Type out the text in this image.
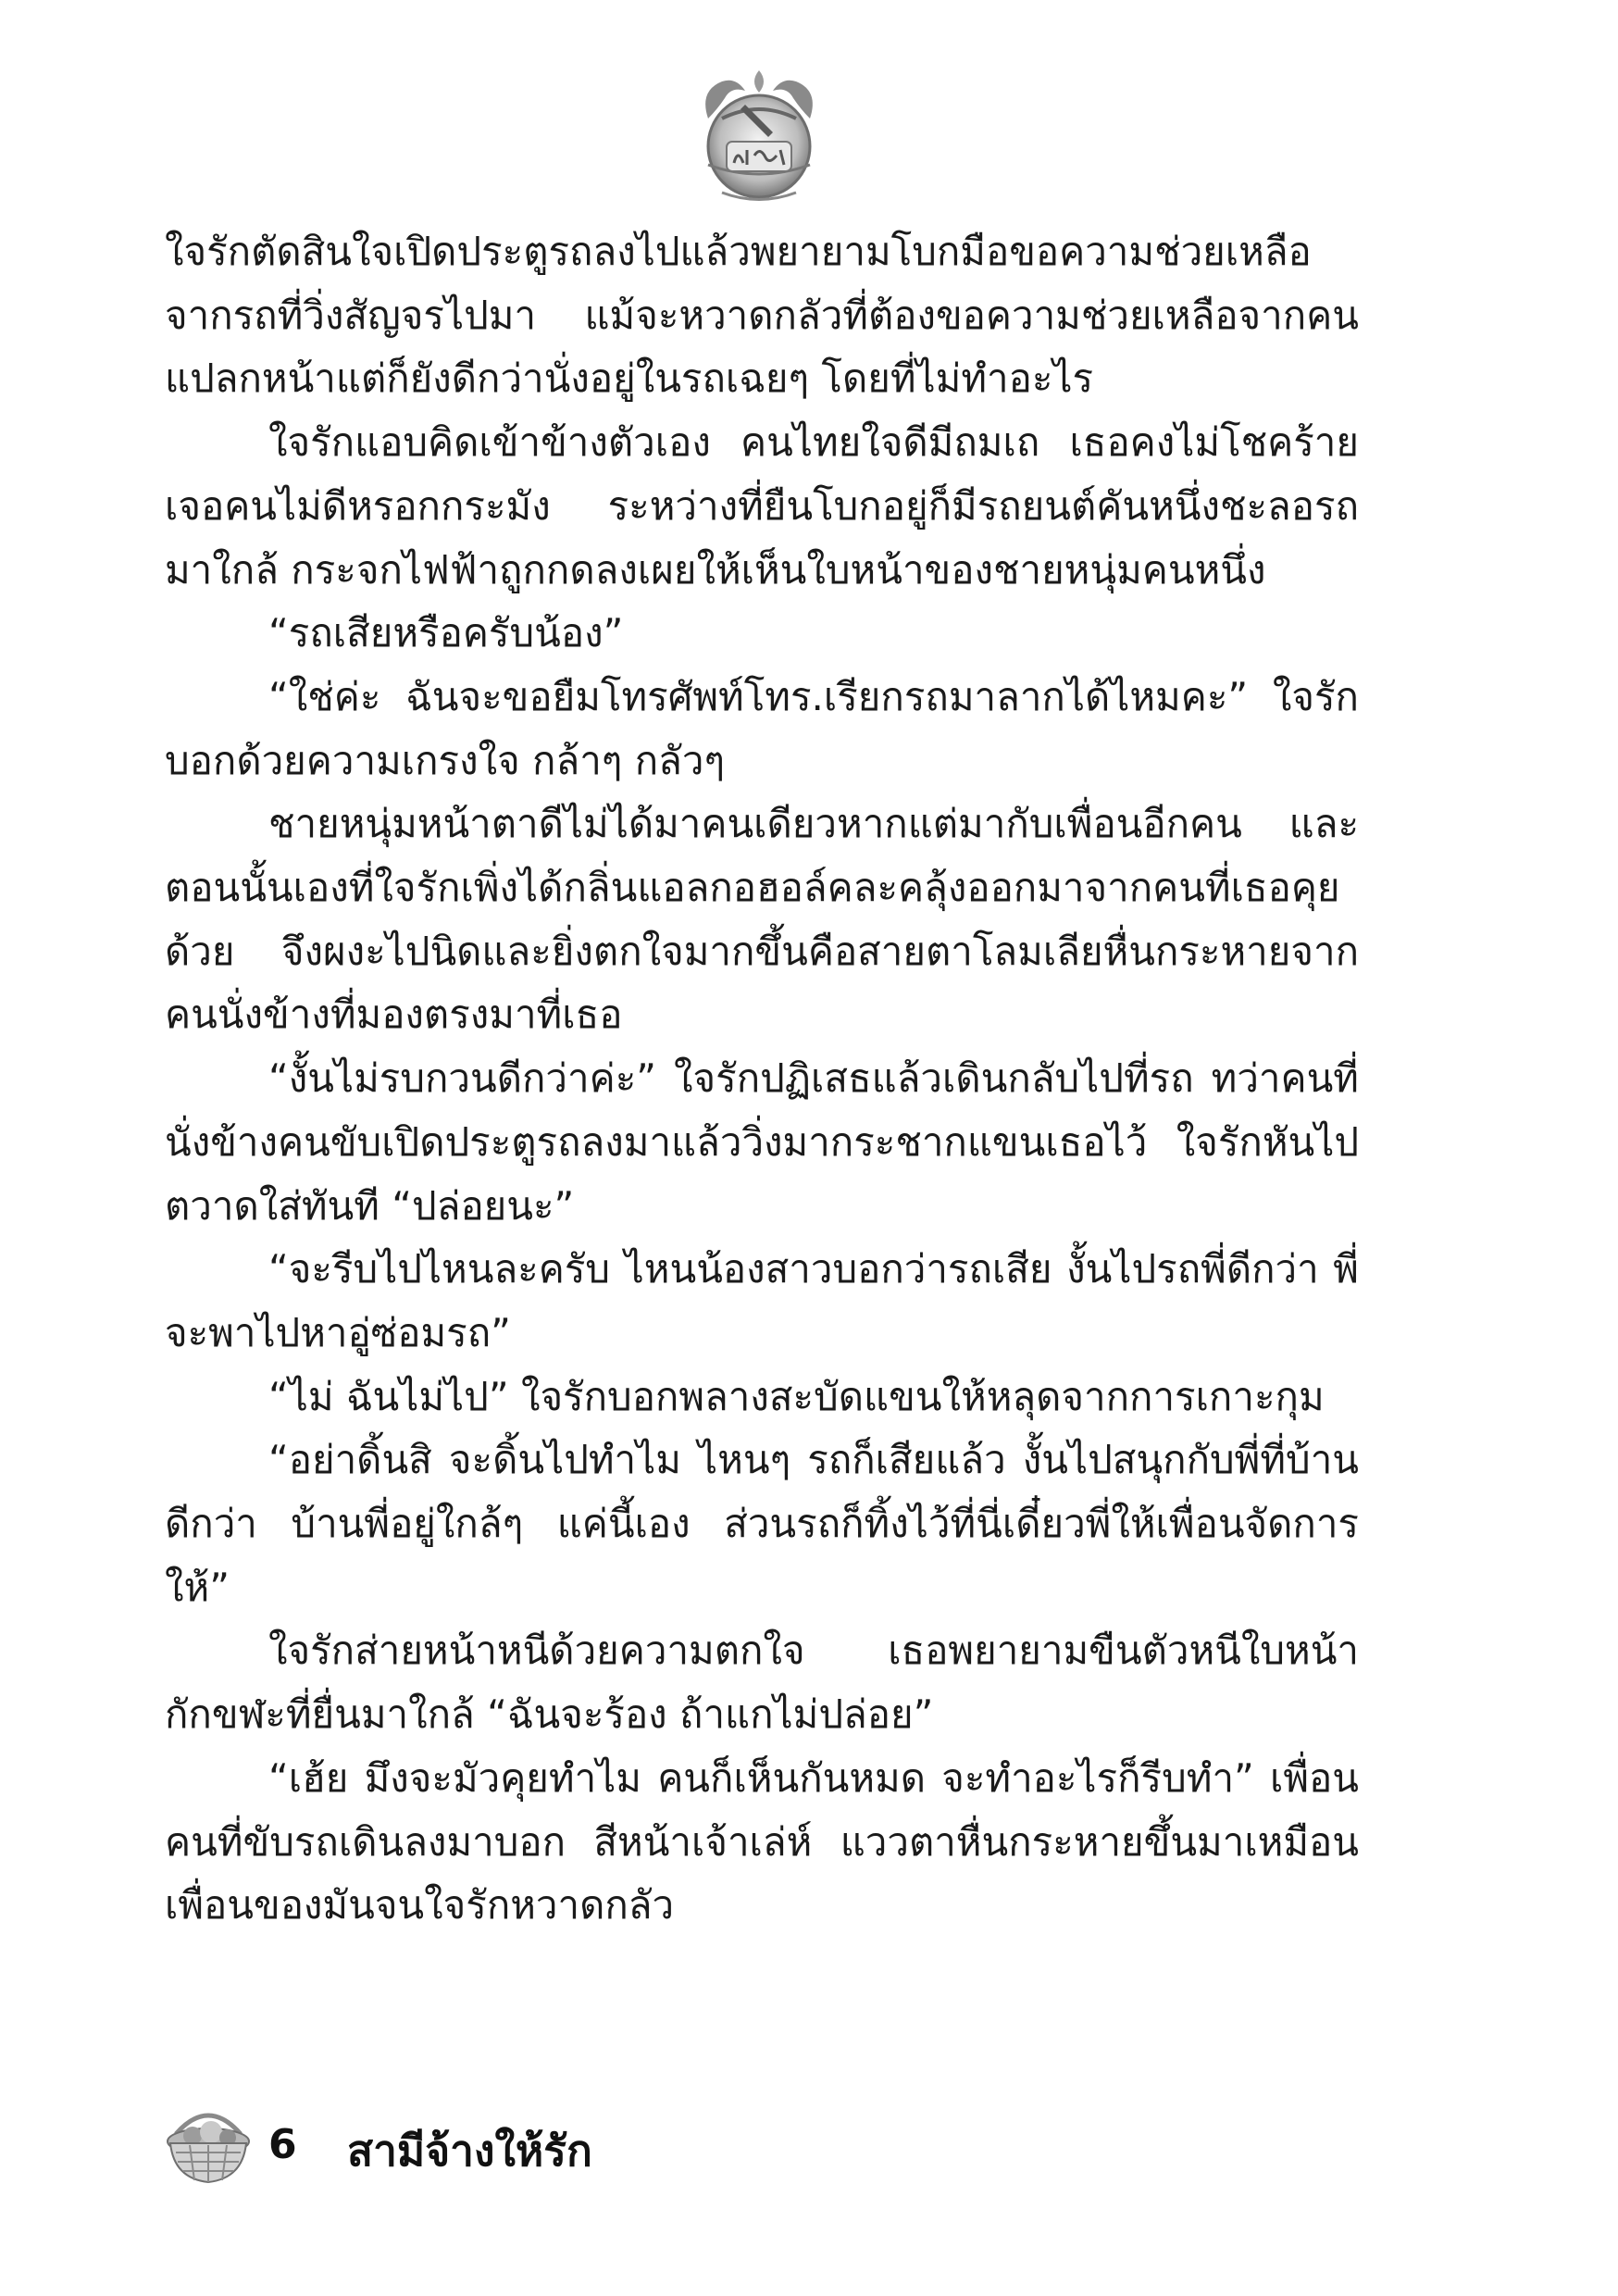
ใจรักตัดสินใจเปิดประตูรถลงไปแล้วพยายามโบกมือขอความช่วยเหลือจากรถที่วิ่งสัญจรไปมา แม้จะหวาดกลัวที่ต้องขอความช่วยเหลือจากคนแปลกหน้าแต่ก็ยังดีกว่านั่งอยู่ในรถเฉยๆ โดยที่ไม่ทำอะไร

ใจรักแอบคิดเข้าข้างตัวเอง คนไทยใจดีมีถมเถ เธอคงไม่โชคร้ายเจอคนไม่ดีหรอกกระมัง ระหว่างที่ยืนโบกอยู่ก็มีรถยนต์คันหนึ่งชะลอรถมาใกล้ กระจกไฟฟ้าถูกกดลงเผยให้เห็นใบหน้าของชายหนุ่มคนหนึ่ง

“รถเสียหรือครับน้อง”

“ใช่ค่ะ ฉันจะขอยืมโทรศัพท์โทร.เรียกรถมาลากได้ไหมคะ” ใจรักบอกด้วยความเกรงใจ กล้าๆ กลัวๆ

ชายหนุ่มหน้าตาดีไม่ได้มาคนเดียวหากแต่มากับเพื่อนอีกคน และตอนนั้นเองที่ใจรักเพิ่งได้กลิ่นแอลกอฮอล์คละคลุ้งออกมาจากคนที่เธอคุยด้วย จึงผงะไปนิดและยิ่งตกใจมากขึ้นคือสายตาโลมเลียหื่นกระหายจากคนนั่งข้างที่มองตรงมาที่เธอ

“งั้นไม่รบกวนดีกว่าค่ะ” ใจรักปฏิเสธแล้วเดินกลับไปที่รถ ทว่าคนที่นั่งข้างคนขับเปิดประตูรถลงมาแล้ววิ่งมากระชากแขนเธอไว้ ใจรักหันไปตวาดใส่ทันที “ปล่อยนะ”

“จะรีบไปไหนละครับ ไหนน้องสาวบอกว่ารถเสีย งั้นไปรถพี่ดีกว่า พี่จะพาไปหาอู่ซ่อมรถ”

“ไม่ ฉันไม่ไป” ใจรักบอกพลางสะบัดแขนให้หลุดจากการเกาะกุม

“อย่าดิ้นสิ จะดิ้นไปทำไม ไหนๆ รถก็เสียแล้ว งั้นไปสนุกกับพี่ที่บ้านดีกว่า บ้านพี่อยู่ใกล้ๆ แค่นี้เอง ส่วนรถก็ทิ้งไว้ที่นี่เดี๋ยวพี่ให้เพื่อนจัดการให้”

ใจรักส่ายหน้าหนีด้วยความตกใจ เธอพยายามขืนตัวหนีใบหน้ากักขฬะที่ยื่นมาใกล้ “ฉันจะร้อง ถ้าแกไม่ปล่อย”

“เฮ้ย มึงจะมัวคุยทำไม คนก็เห็นกันหมด จะทำอะไรก็รีบทำ” เพื่อนคนที่ขับรถเดินลงมาบอก สีหน้าเจ้าเล่ห์ แววตาหื่นกระหายขึ้นมาเหมือนเพื่อนของมันจนใจรักหวาดกลัว

6 สามีจ้างให้รัก
